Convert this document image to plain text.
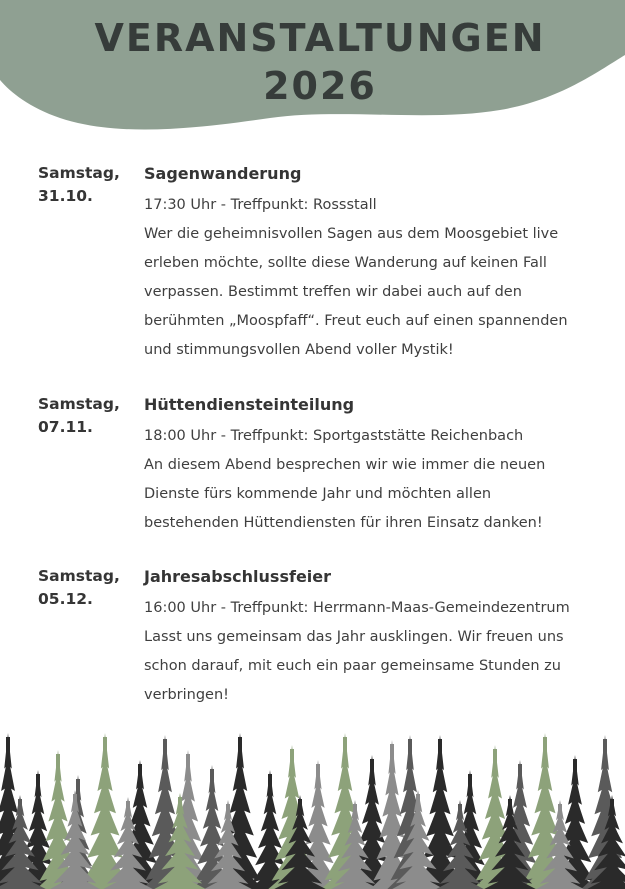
VERANSTALTUNGEN
2026
Samstag,
31.10.
Sagenwanderung

17:30 Uhr - Treffpunkt: Rossstall

Wer die geheimnisvollen Sagen aus dem Moosgebiet live erleben möchte, sollte diese Wanderung auf keinen Fall verpassen. Bestimmt treffen wir dabei auch auf den berühmten „Moospfaff“. Freut euch auf einen spannenden und stimmungsvollen Abend voller Mystik!

Samstag,
07.11.
Hüttendiensteinteilung

18:00 Uhr - Treffpunkt: Sportgaststätte Reichenbach

An diesem Abend besprechen wir wie immer die neuen Dienste fürs kommende Jahr und möchten allen bestehenden Hüttendiensten für ihren Einsatz danken!

Samstag,
05.12.
Jahresabschlussfeier

16:00 Uhr - Treffpunkt: Herrmann-Maas-Gemeindezentrum

Lasst uns gemeinsam das Jahr ausklingen. Wir freuen uns schon darauf, mit euch ein paar gemeinsame Stunden zu verbringen!
